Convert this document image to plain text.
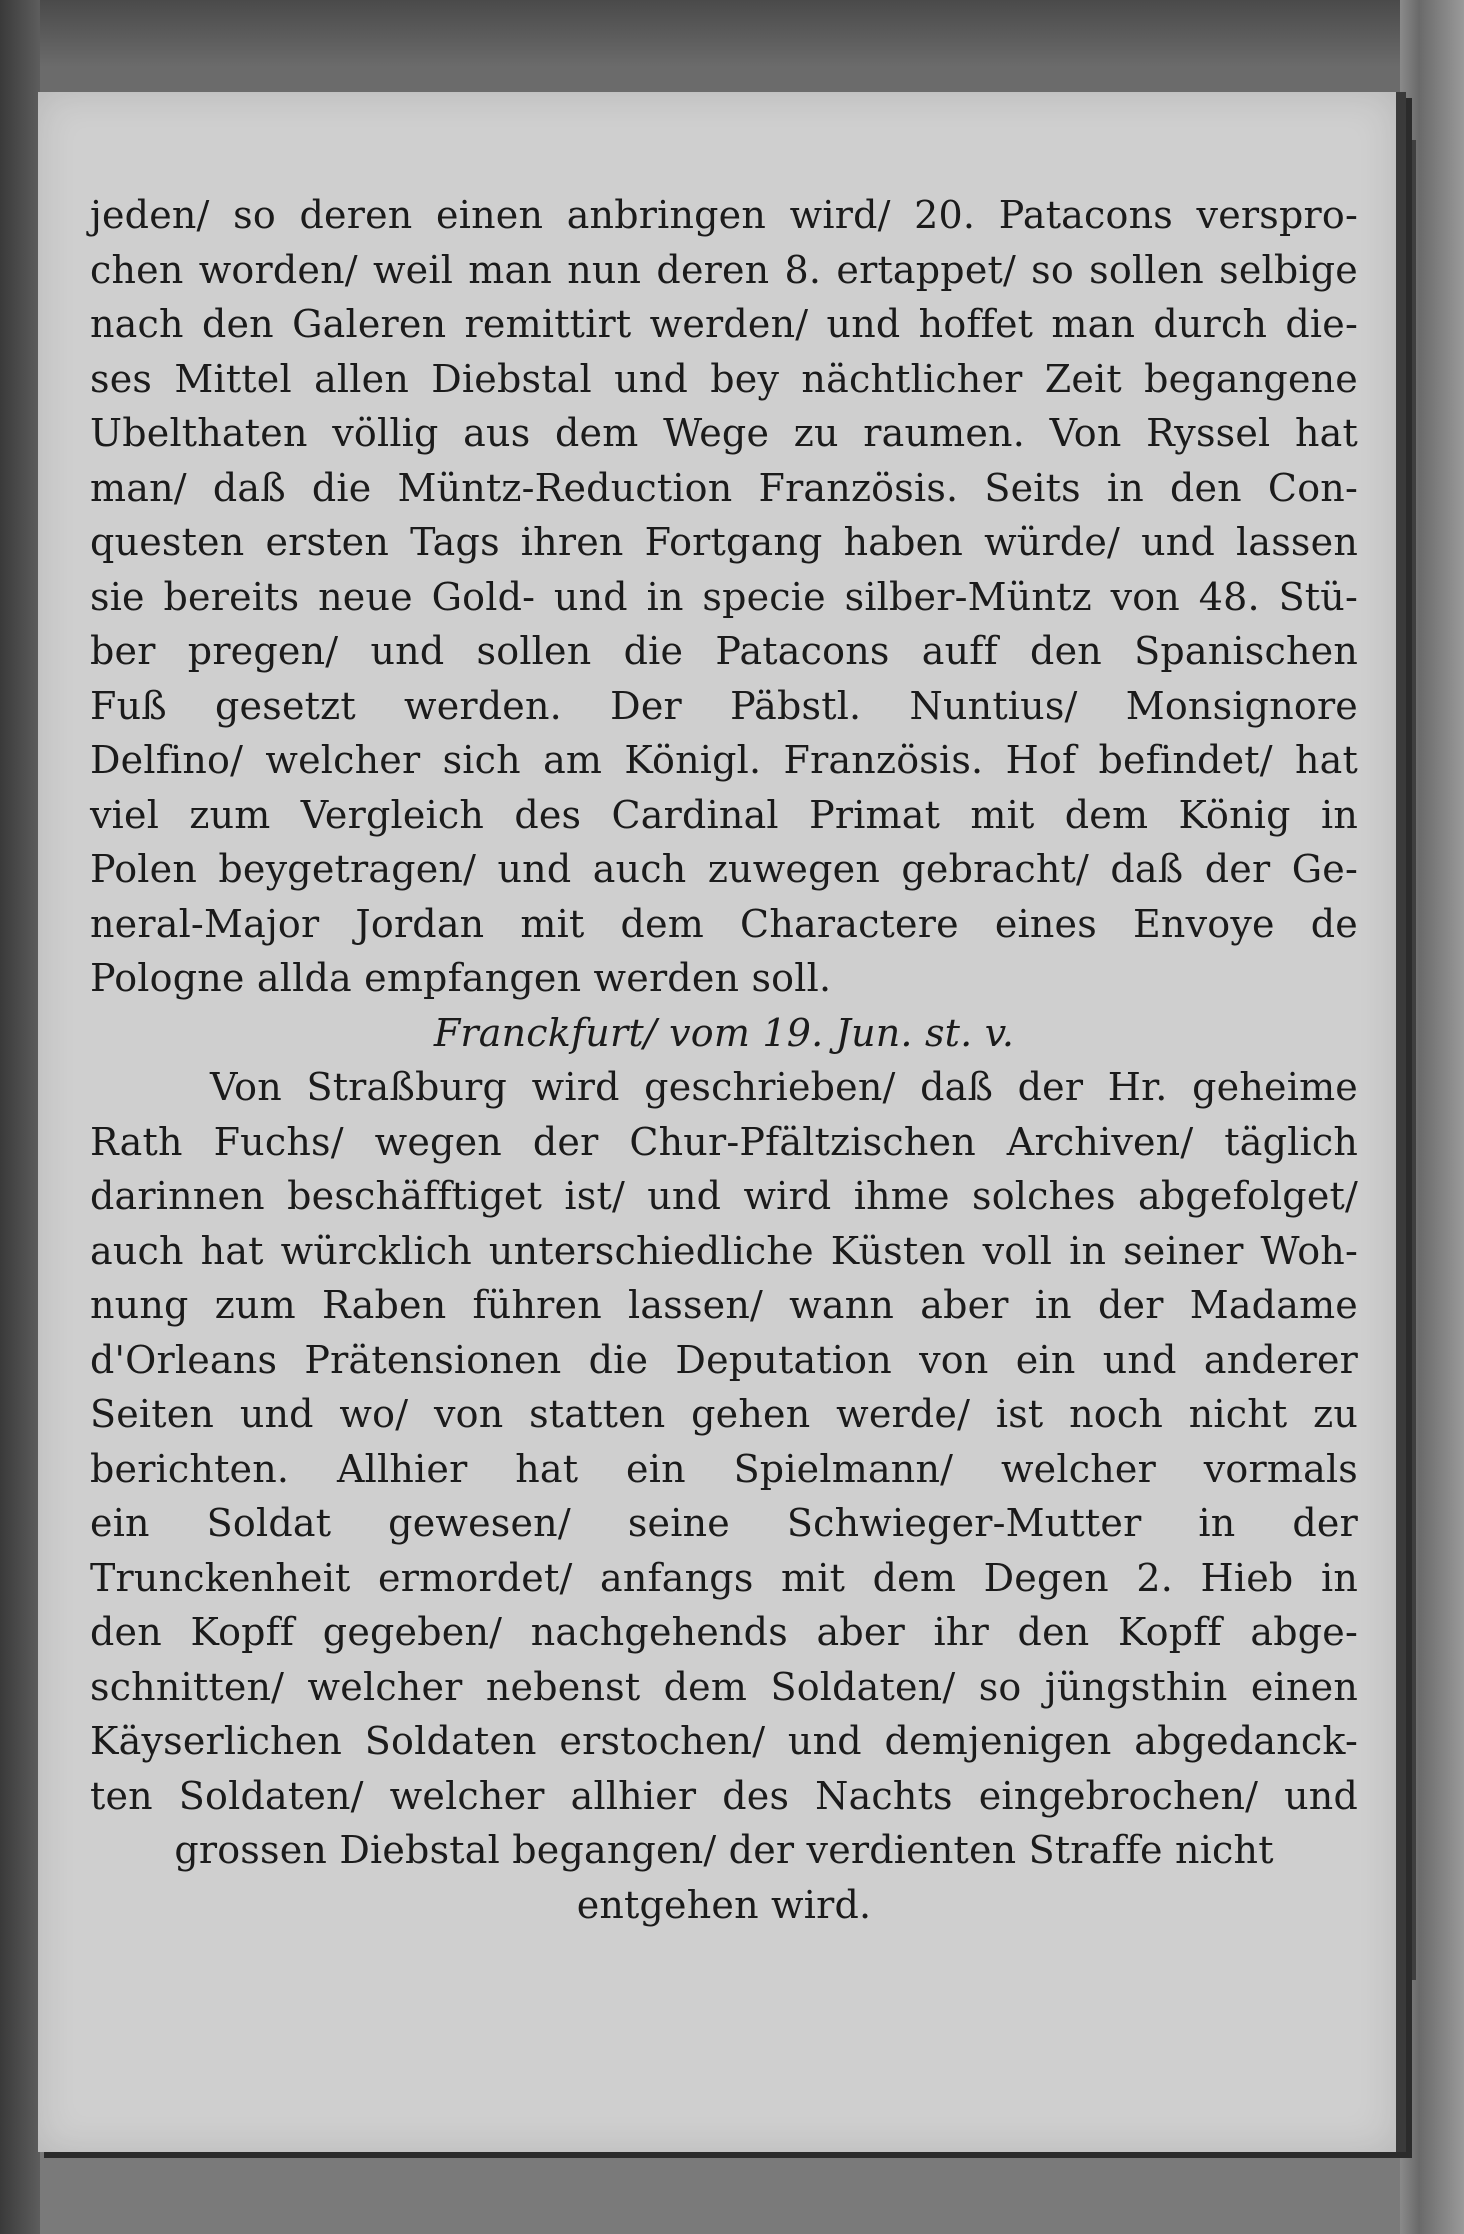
jeden/ so deren einen anbringen wird/ 20. Patacons verspro-
chen worden/ weil man nun deren 8. ertappet/ so sollen selbige
nach den Galeren remittirt werden/ und hoffet man durch die-
ses Mittel allen Diebstal und bey nächtlicher Zeit begangene
Ubelthaten völlig aus dem Wege zu raumen. Von Ryssel hat
man/ daß die Müntz-Reduction Französis. Seits in den Con-
questen ersten Tags ihren Fortgang haben würde/ und lassen
sie bereits neue Gold- und in specie silber-Müntz von 48. Stü-
ber pregen/ und sollen die Patacons auff den Spanischen
Fuß gesetzt werden. Der Päbstl. Nuntius/ Monsignore
Delfino/ welcher sich am Königl. Französis. Hof befindet/ hat
viel zum Vergleich des Cardinal Primat mit dem König in
Polen beygetragen/ und auch zuwegen gebracht/ daß der Ge-
neral-Major Jordan mit dem Charactere eines Envoye de
Pologne allda empfangen werden soll.
Franckfurt/ vom 19. Jun. st. v.
Von Straßburg wird geschrieben/ daß der Hr. geheime
Rath Fuchs/ wegen der Chur-Pfältzischen Archiven/ täglich
darinnen beschäfftiget ist/ und wird ihme solches abgefolget/
auch hat würcklich unterschiedliche Küsten voll in seiner Woh-
nung zum Raben führen lassen/ wann aber in der Madame
d'Orleans Prätensionen die Deputation von ein und anderer
Seiten und wo/ von statten gehen werde/ ist noch nicht zu
berichten. Allhier hat ein Spielmann/ welcher vormals
ein Soldat gewesen/ seine Schwieger-Mutter in der
Trunckenheit ermordet/ anfangs mit dem Degen 2. Hieb in
den Kopff gegeben/ nachgehends aber ihr den Kopff abge-
schnitten/ welcher nebenst dem Soldaten/ so jüngsthin einen
Käyserlichen Soldaten erstochen/ und demjenigen abgedanck-
ten Soldaten/ welcher allhier des Nachts eingebrochen/ und
grossen Diebstal begangen/ der verdienten Straffe nicht
entgehen wird.
